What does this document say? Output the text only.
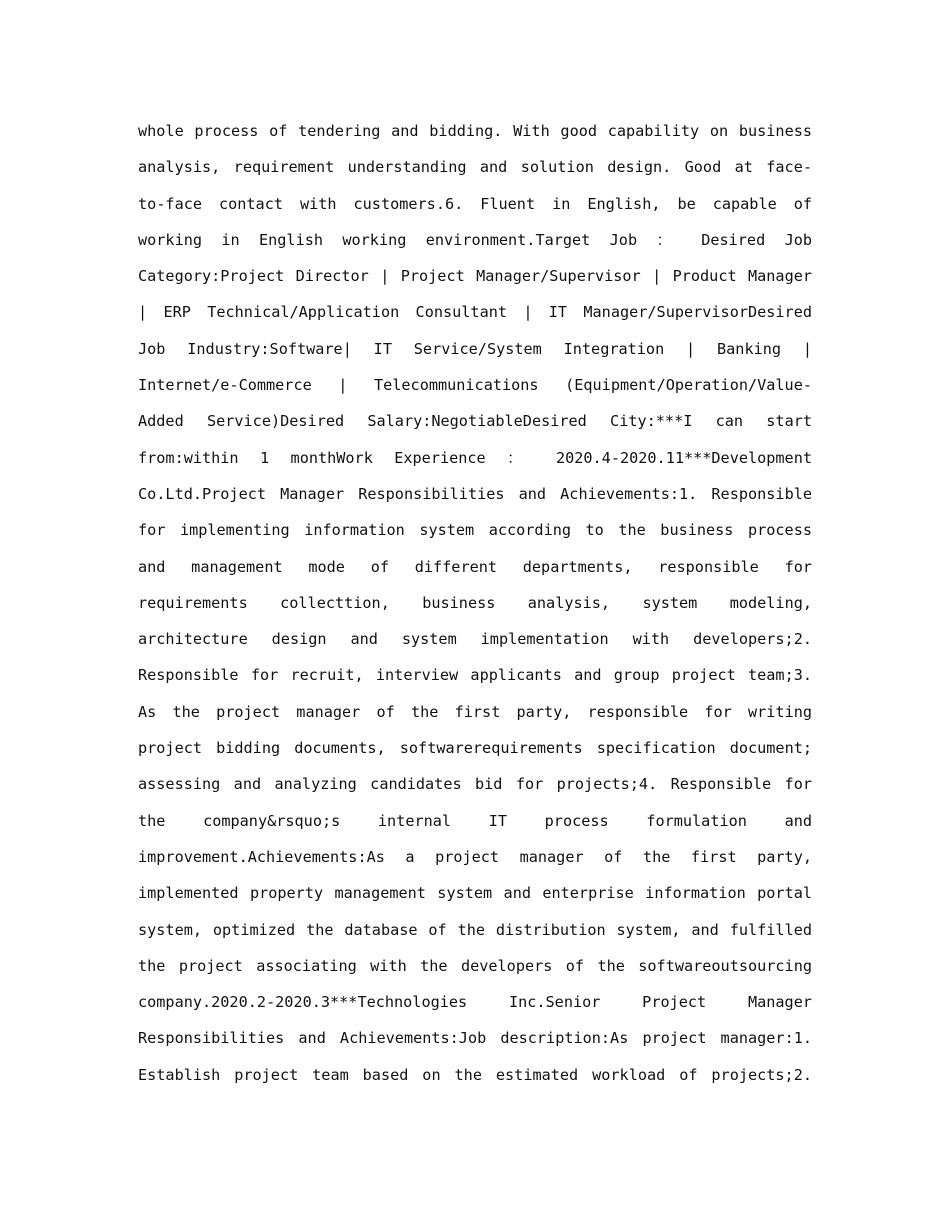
whole process of tendering and bidding. With good capability on business
analysis, requirement understanding and solution design. Good at face-
to-face contact with customers.6. Fluent in English, be capable of
working in English working environment.Target Job ： Desired Job
Category:Project Director | Project Manager/Supervisor | Product Manager
| ERP Technical/Application Consultant | IT Manager/SupervisorDesired
Job Industry:Software| IT Service/System Integration | Banking |
Internet/e-Commerce | Telecommunications (Equipment/Operation/Value-
Added Service)Desired Salary:NegotiableDesired City:***I can start
from:within 1 monthWork Experience ： 2020.4-2020.11***Development
Co.Ltd.Project Manager Responsibilities and Achievements:1. Responsible
for implementing information system according to the business process
and management mode of different departments, responsible for
requirements collecttion, business analysis, system modeling,
architecture design and system implementation with developers;2.
Responsible for recruit, interview applicants and group project team;3.
As the project manager of the first party, responsible for writing
project bidding documents, softwarerequirements specification document;
assessing and analyzing candidates bid for projects;4. Responsible for
the company&rsquo;s internal IT process formulation and
improvement.Achievements:As a project manager of the first party,
implemented property management system and enterprise information portal
system, optimized the database of the distribution system, and fulfilled
the project associating with the developers of the softwareoutsourcing
company.2020.2-2020.3***Technologies Inc.Senior Project Manager
Responsibilities and Achievements:Job description:As project manager:1.
Establish project team based on the estimated workload of projects;2.
